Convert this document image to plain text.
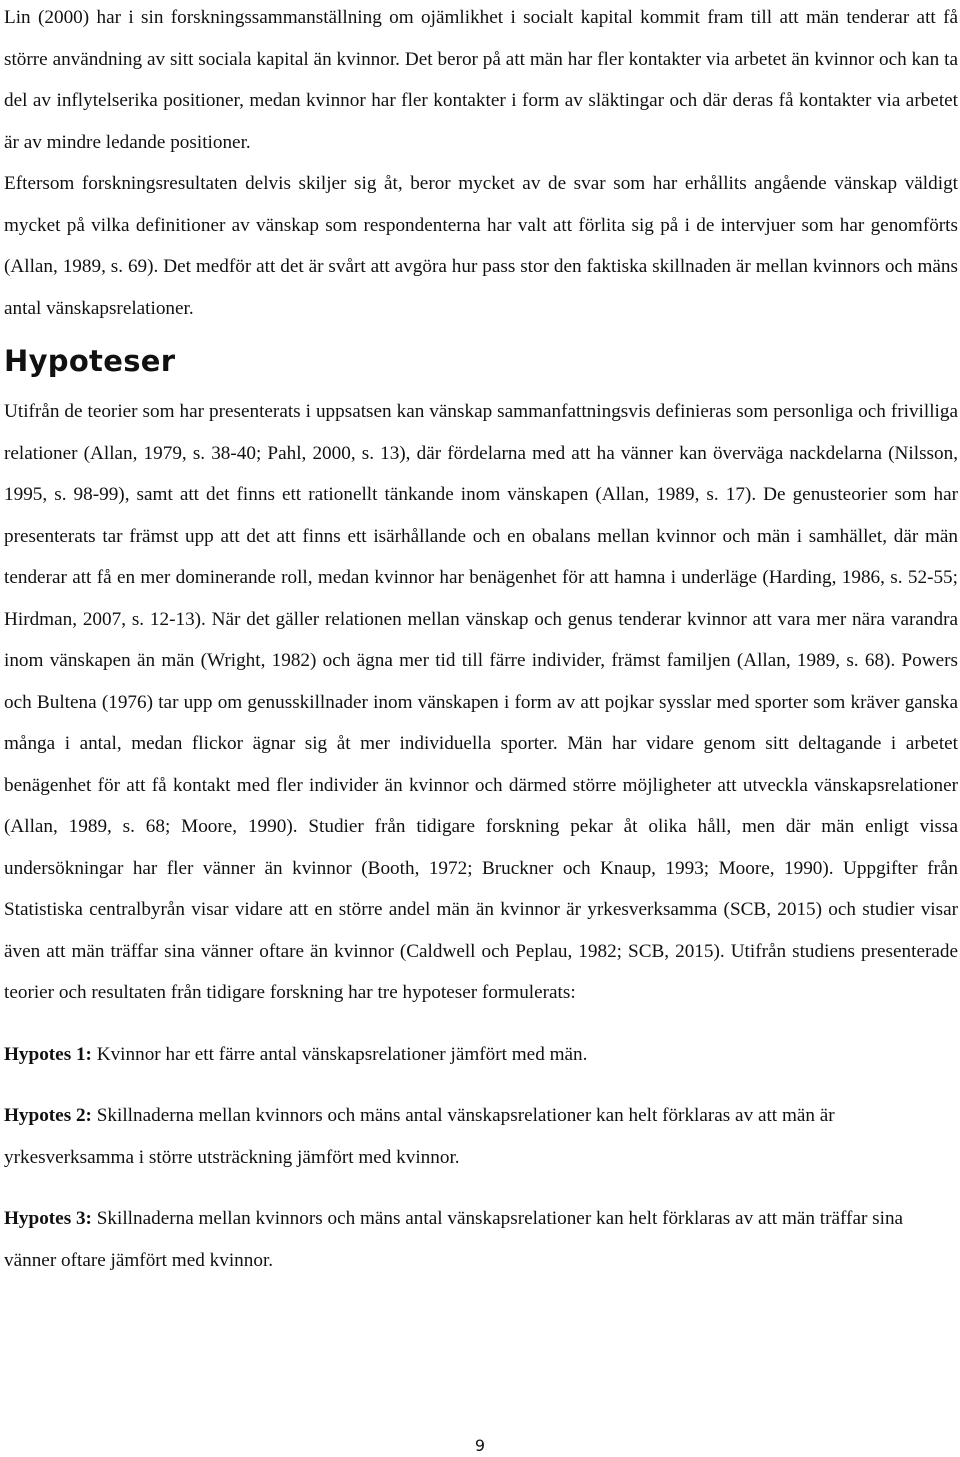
Lin (2000) har i sin forskningssammanställning om ojämlikhet i socialt kapital kommit fram till att män tenderar att få större användning av sitt sociala kapital än kvinnor. Det beror på att män har fler kontakter via arbetet än kvinnor och kan ta del av inflytelserika positioner, medan kvinnor har fler kontakter i form av släktingar och där deras få kontakter via arbetet är av mindre ledande positioner.

Eftersom forskningsresultaten delvis skiljer sig åt, beror mycket av de svar som har erhållits angående vänskap väldigt mycket på vilka definitioner av vänskap som respondenterna har valt att förlita sig på i de intervjuer som har genomförts (Allan, 1989, s. 69). Det medför att det är svårt att avgöra hur pass stor den faktiska skillnaden är mellan kvinnors och mäns antal vänskapsrelationer.

Hypoteser

Utifrån de teorier som har presenterats i uppsatsen kan vänskap sammanfattningsvis definieras som personliga och frivilliga relationer (Allan, 1979, s. 38-40; Pahl, 2000, s. 13), där fördelarna med att ha vänner kan överväga nackdelarna (Nilsson, 1995, s. 98-99), samt att det finns ett rationellt tänkande inom vänskapen (Allan, 1989, s. 17). De genusteorier som har presenterats tar främst upp att det att finns ett isärhållande och en obalans mellan kvinnor och män i samhället, där män tenderar att få en mer dominerande roll, medan kvinnor har benägenhet för att hamna i underläge (Harding, 1986, s. 52-55; Hirdman, 2007, s. 12-13). När det gäller relationen mellan vänskap och genus tenderar kvinnor att vara mer nära varandra inom vänskapen än män (Wright, 1982) och ägna mer tid till färre individer, främst familjen (Allan, 1989, s. 68). Powers och Bultena (1976) tar upp om genusskillnader inom vänskapen i form av att pojkar sysslar med sporter som kräver ganska många i antal, medan flickor ägnar sig åt mer individuella sporter. Män har vidare genom sitt deltagande i arbetet benägenhet för att få kontakt med fler individer än kvinnor och därmed större möjligheter att utveckla vänskapsrelationer (Allan, 1989, s. 68; Moore, 1990). Studier från tidigare forskning pekar åt olika håll, men där män enligt vissa undersökningar har fler vänner än kvinnor (Booth, 1972; Bruckner och Knaup, 1993; Moore, 1990). Uppgifter från Statistiska centralbyrån visar vidare att en större andel män än kvinnor är yrkesverksamma (SCB, 2015) och studier visar även att män träffar sina vänner oftare än kvinnor (Caldwell och Peplau, 1982; SCB, 2015). Utifrån studiens presenterade teorier och resultaten från tidigare forskning har tre hypoteser formulerats:

Hypotes 1: Kvinnor har ett färre antal vänskapsrelationer jämfört med män.

Hypotes 2: Skillnaderna mellan kvinnors och mäns antal vänskapsrelationer kan helt förklaras av att män är yrkesverksamma i större utsträckning jämfört med kvinnor.

Hypotes 3: Skillnaderna mellan kvinnors och mäns antal vänskapsrelationer kan helt förklaras av att män träffar sina vänner oftare jämfört med kvinnor.

9
